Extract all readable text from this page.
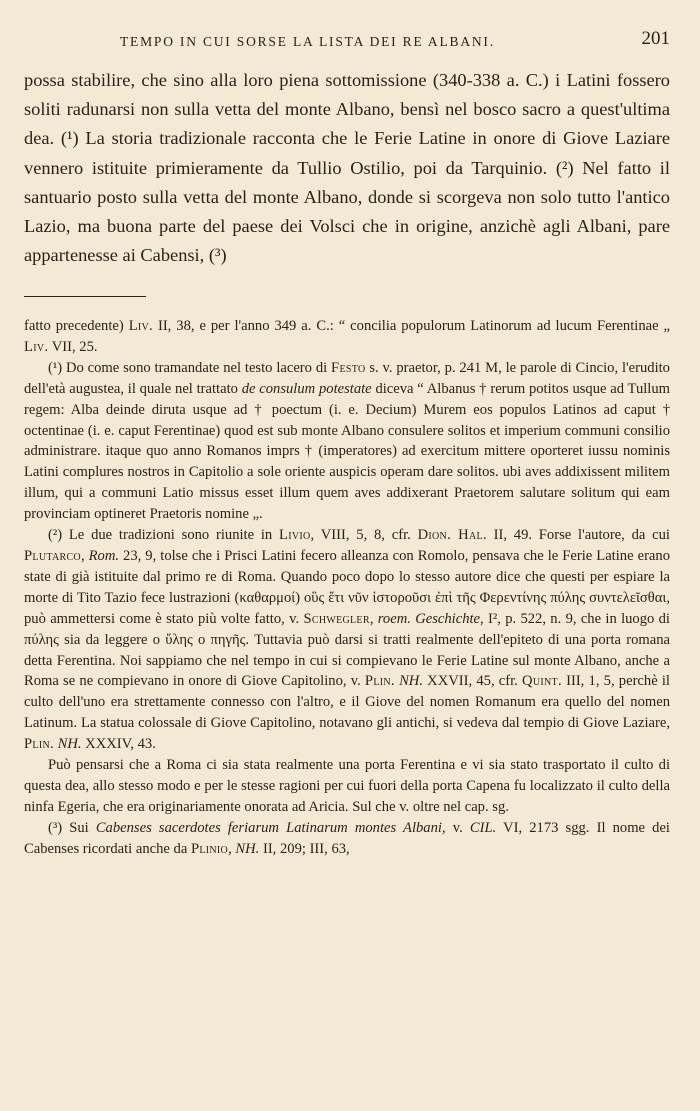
TEMPO IN CUI SORSE LA LISTA DEI RE ALBANI.	201

possa stabilire, che sino alla loro piena sottomissione (340-338 a. C.) i Latini fossero soliti radunarsi non sulla vetta del monte Albano, bensì nel bosco sacro a quest'ultima dea. (¹) La storia tradizionale racconta che le Ferie Latine in onore di Giove Laziare vennero istituite primieramente da Tullio Ostilio, poi da Tarquinio. (²) Nel fatto il santuario posto sulla vetta del monte Albano, donde si scorgeva non solo tutto l'antico Lazio, ma buona parte del paese dei Volsci che in origine, anzichè agli Albani, pare appartenesse ai Cabensi, (³)

fatto precedente) Liv. II, 38, e per l'anno 349 a. C.: “ concilia populorum Latinorum ad lucum Ferentinae „ Liv. VII, 25.

(¹) Do come sono tramandate nel testo lacero di Festo s. v. praetor, p. 241 M, le parole di Cincio, l'erudito dell'età augustea, il quale nel trattato de consulum potestate diceva “ Albanus † rerum potitos usque ad Tullum regem: Alba deinde diruta usque ad † poectum (i. e. Decium) Murem eos populos Latinos ad caput † octentinae (i. e. caput Ferentinae) quod est sub monte Albano consulere solitos et imperium communi consilio administrare. itaque quo anno Romanos imprs † (imperatores) ad exercitum mittere oporteret iussu nominis Latini complures nostros in Capitolio a sole oriente auspicis operam dare solitos. ubi aves addixissent militem illum, qui a communi Latio missus esset illum quem aves addixerant Praetorem salutare solitum qui eam provinciam optineret Praetoris nomine „.

(²) Le due tradizioni sono riunite in Livio, VIII, 5, 8, cfr. Dion. Hal. II, 49. Forse l'autore, da cui Plutarco, Rom. 23, 9, tolse che i Prisci Latini fecero alleanza con Romolo, pensava che le Ferie Latine erano state di già istituite dal primo re di Roma. Quando poco dopo lo stesso autore dice che questi per espiare la morte di Tito Tazio fece lustrazioni (καθαρμοί) οὓς ἔτι νῦν ἱστοροῦσι ἐπὶ τῆς Φερεντίνης πύλης συντελεῖσθαι, può ammettersi come è stato più volte fatto, v. Schwegler, roem. Geschichte, I², p. 522, n. 9, che in luogo di πύλης sia da leggere o ὕλης o πηγῆς. Tuttavia può darsi si tratti realmente dell'epiteto di una porta romana detta Ferentina. Noi sappiamo che nel tempo in cui si compievano le Ferie Latine sul monte Albano, anche a Roma se ne compievano in onore di Giove Capitolino, v. Plin. NH. XXVII, 45, cfr. Quint. III, 1, 5, perchè il culto dell'uno era strettamente connesso con l'altro, e il Giove del nomen Romanum era quello del nomen Latinum. La statua colossale di Giove Capitolino, notavano gli antichi, si vedeva dal tempio di Giove Laziare, Plin. NH. XXXIV, 43.

Può pensarsi che a Roma ci sia stata realmente una porta Ferentina e vi sia stato trasportato il culto di questa dea, allo stesso modo e per le stesse ragioni per cui fuori della porta Capena fu localizzato il culto della ninfa Egeria, che era originariamente onorata ad Aricia. Sul che v. oltre nel cap. sg.

(³) Sui Cabenses sacerdotes feriarum Latinarum montes Albani, v. CIL. VI, 2173 sgg. Il nome dei Cabenses ricordati anche da Plinio, NH. II, 209; III, 63,
